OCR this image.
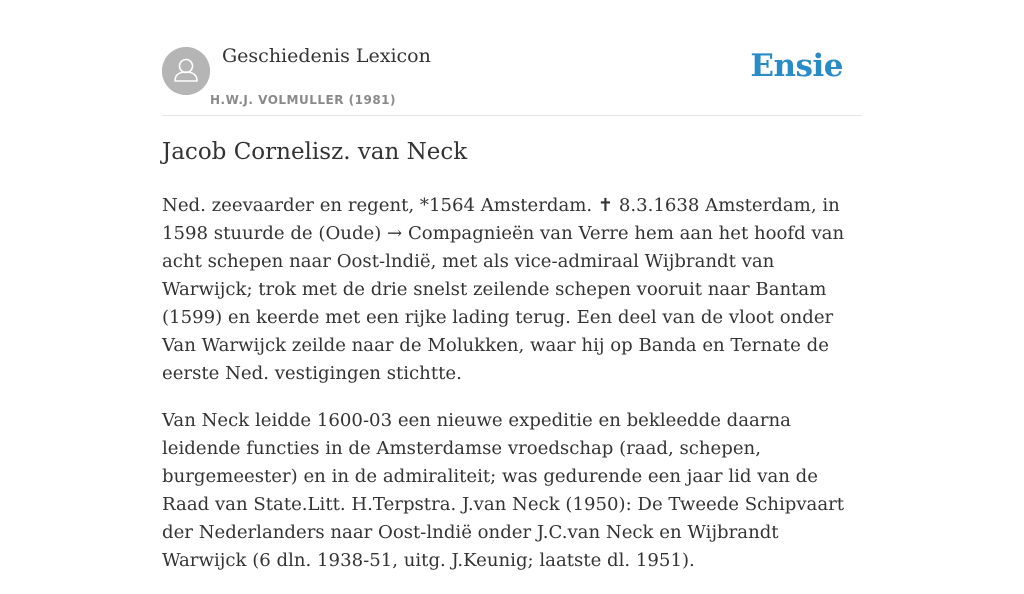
Geschiedenis Lexicon
H.W.J. VOLMULLER (1981)
Ensie
Jacob Cornelisz. van Neck

Ned. zeevaarder en regent, *1564 Amsterdam. ✝ 8.3.1638 Amsterdam, in 1598 stuurde de (Oude) → Compagnieën van Verre hem aan het hoofd van acht schepen naar Oost-lndië, met als vice-admiraal Wijbrandt van Warwijck; trok met de drie snelst zeilende schepen vooruit naar Bantam (1599) en keerde met een rijke lading terug. Een deel van de vloot onder Van Warwijck zeilde naar de Molukken, waar hij op Banda en Ternate de eerste Ned. vestigingen stichtte.

Van Neck leidde 1600-03 een nieuwe expeditie en bekleedde daarna leidende functies in de Amsterdamse vroedschap (raad, schepen, burgemeester) en in de admiraliteit; was gedurende een jaar lid van de Raad van State.Litt. H.Terpstra. J.van Neck (1950): De Tweede Schipvaart der Nederlanders naar Oost-lndië onder J.C.van Neck en Wijbrandt Warwijck (6 dln. 1938-51, uitg. J.Keunig; laatste dl. 1951).
